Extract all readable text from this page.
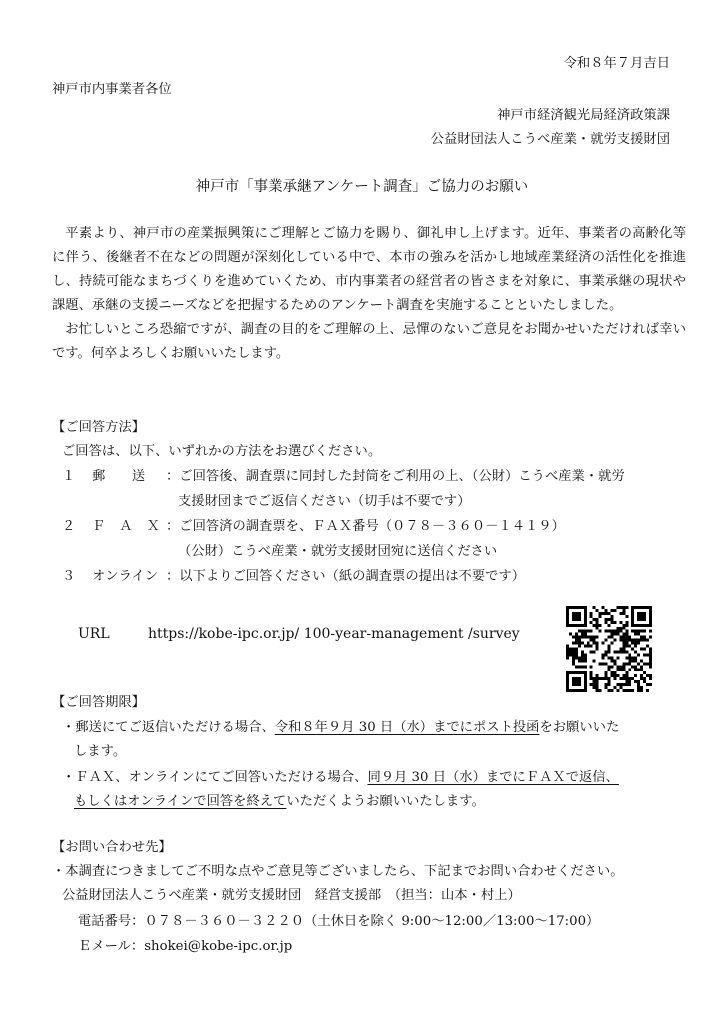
令和８年７月吉日
神戸市内事業者各位
神戸市経済観光局経済政策課
公益財団法人こうべ産業・就労支援財団
神戸市「事業承継アンケート調査」ご協力のお願い

平素より、神戸市の産業振興策にご理解とご協力を賜り、御礼申し上げます。近年、事業者の高齢化等に伴う、後継者不在などの問題が深刻化している中で、本市の強みを活かし地域産業経済の活性化を推進し、持続可能なまちづくりを進めていくため、市内事業者の経営者の皆さまを対象に、事業承継の現状や課題、承継の支援ニーズなどを把握するためのアンケート調査を実施することといたしました。

お忙しいところ恐縮ですが、調査の目的をご理解の上、忌憚のないご意見をお聞かせいただければ幸いです。何卒よろしくお願いいたします。

【ご回答方法】
ご回答は、以下、いずれかの方法をお選びください。
１ 郵　　送 ：ご回答後、調査票に同封した封筒をご利用の上、（公財）こうべ産業・就労
支援財団までご返信ください（切手は不要です）
２ ＦＡＸ
：ご回答済の調査票を、ＦＡＸ番号（０７８－３６０－１４１９）
（公財）こうべ産業・就労支援財団宛に送信ください
３ オンライン ：以下よりご回答ください（紙の調査票の提出は不要です）
URL	https://kobe-ipc.or.jp/ 100-year-management /survey
【ご回答期限】
・郵送にてご返信いただける場合、令和８年９月 30 日（水）までにポスト投函をお願いいた
します。
・ＦＡＸ、オンラインにてご回答いただける場合、同９月 30 日（水）までにＦＡＸで返信、
もしくはオンラインで回答を終えていただくようお願いいたします。
【お問い合わせ先】
・本調査につきましてご不明な点やご意見等ございましたら、下記までお問い合わせください。
公益財団法人こうべ産業・就労支援財団　経営支援部　（担当：山本・村上）
電話番号：０７８－３６０－３２２０（土休日を除く 9:00～12:00／13:00～17:00）
Ｅメール：shokei@kobe-ipc.or.jp
